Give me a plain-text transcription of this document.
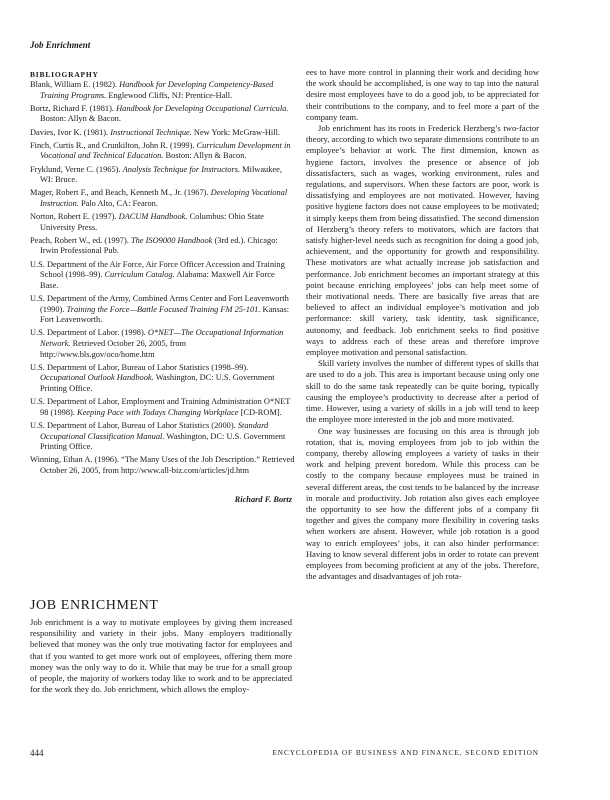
Job Enrichment
BIBLIOGRAPHY
Blank, William E. (1982). Handbook for Developing Competency-Based Training Programs. Englewood Cliffs, NJ: Prentice-Hall.
Bortz, Richard F. (1981). Handbook for Developing Occupational Curricula. Boston: Allyn & Bacon.
Davies, Ivor K. (1981). Instructional Technique. New York: McGraw-Hill.
Finch, Curtis R., and Crunkilton, John R. (1999). Curriculum Development in Vocational and Technical Education. Boston: Allyn & Bacon.
Fryklund, Verne C. (1965). Analysis Technique for Instructors. Milwaukee, WI: Bruce.
Mager, Robert F., and Beach, Kenneth M., Jr. (1967). Developing Vocational Instruction. Palo Alto, CA: Fearon.
Norton, Robert E. (1997). DACUM Handbook. Columbus: Ohio State University Press.
Peach, Robert W., ed. (1997). The ISO9000 Handbook (3rd ed.). Chicago: Irwin Professional Pub.
U.S. Department of the Air Force, Air Force Officer Accession and Training School (1998–99). Curriculum Catalog. Alabama: Maxwell Air Force Base.
U.S. Department of the Army, Combined Arms Center and Fort Leavenworth (1990). Training the Force—Battle Focused Training FM 25-101. Kansas: Fort Leavenworth.
U.S. Department of Labor. (1998). O*NET—The Occupational Information Network. Retrieved October 26, 2005, from http://www.bls.gov/oco/home.htm
U.S. Department of Labor, Bureau of Labor Statistics (1998–99). Occupational Outlook Handbook. Washington, DC: U.S. Government Printing Office.
U.S. Department of Labor, Employment and Training Administration O*NET 98 (1998). Keeping Pace with Todays Changing Workplace [CD-ROM].
U.S. Department of Labor, Bureau of Labor Statistics (2000). Standard Occupational Classification Manual. Washington, DC: U.S. Government Printing Office.
Winning, Ethan A. (1996). “The Many Uses of the Job Description.” Retrieved October 26, 2005, from http://www.all-biz.com/articles/jd.htm
Richard F. Bortz
JOB ENRICHMENT

Job enrichment is a way to motivate employees by giving them increased responsibility and variety in their jobs. Many employers traditionally believed that money was the only true motivating factor for employees and that if you wanted to get more work out of employees, offering them more money was the only way to do it. While that may be true for a small group of people, the majority of workers today like to work and to be appreciated for the work they do. Job enrichment, which allows the employ-

ees to have more control in planning their work and deciding how the work should be accomplished, is one way to tap into the natural desire most employees have to do a good job, to be appreciated for their contributions to the company, and to feel more a part of the company team.

Job enrichment has its roots in Frederick Herzberg’s two-factor theory, according to which two separate dimensions contribute to an employee’s behavior at work. The first dimension, known as hygiene factors, involves the presence or absence of job dissatisfacters, such as wages, working environment, rules and regulations, and supervisors. When these factors are poor, work is dissatisfying and employees are not motivated. However, having positive hygiene factors does not cause employees to be motivated; it simply keeps them from being dissatisfied. The second dimension of Herzberg’s theory refers to motivators, which are factors that satisfy higher-level needs such as recognition for doing a good job, achievement, and the opportunity for growth and responsibility. These motivators are what actually increase job satisfaction and performance. Job enrichment becomes an important strategy at this point because enriching employees’ jobs can help meet some of their motivational needs. There are basically five areas that are believed to affect an individual employee’s motivation and job performance: skill variety, task identity, task significance, autonomy, and feedback. Job enrichment seeks to find positive ways to address each of these areas and therefore improve employee motivation and personal satisfaction.

Skill variety involves the number of different types of skills that are used to do a job. This area is important because using only one skill to do the same task repeatedly can be quite boring, typically causing the employee’s productivity to decrease after a period of time. However, using a variety of skills in a job will tend to keep the employee more interested in the job and more motivated.

One way businesses are focusing on this area is through job rotation, that is, moving employees from job to job within the company, thereby allowing employees a variety of tasks in their work and helping prevent boredom. While this process can be costly to the company because employees must be trained in several different areas, the cost tends to be balanced by the increase in morale and productivity. Job rotation also gives each employee the opportunity to see how the different jobs of a company fit together and gives the company more flexibility in covering tasks when workers are absent. However, while job rotation is a good way to enrich employees’ jobs, it can also hinder performance: Having to know several different jobs in order to rotate can prevent employees from becoming proficient at any of the jobs. Therefore, the advantages and disadvantages of job rota-

444	ENCYCLOPEDIA OF BUSINESS AND FINANCE, SECOND EDITION
